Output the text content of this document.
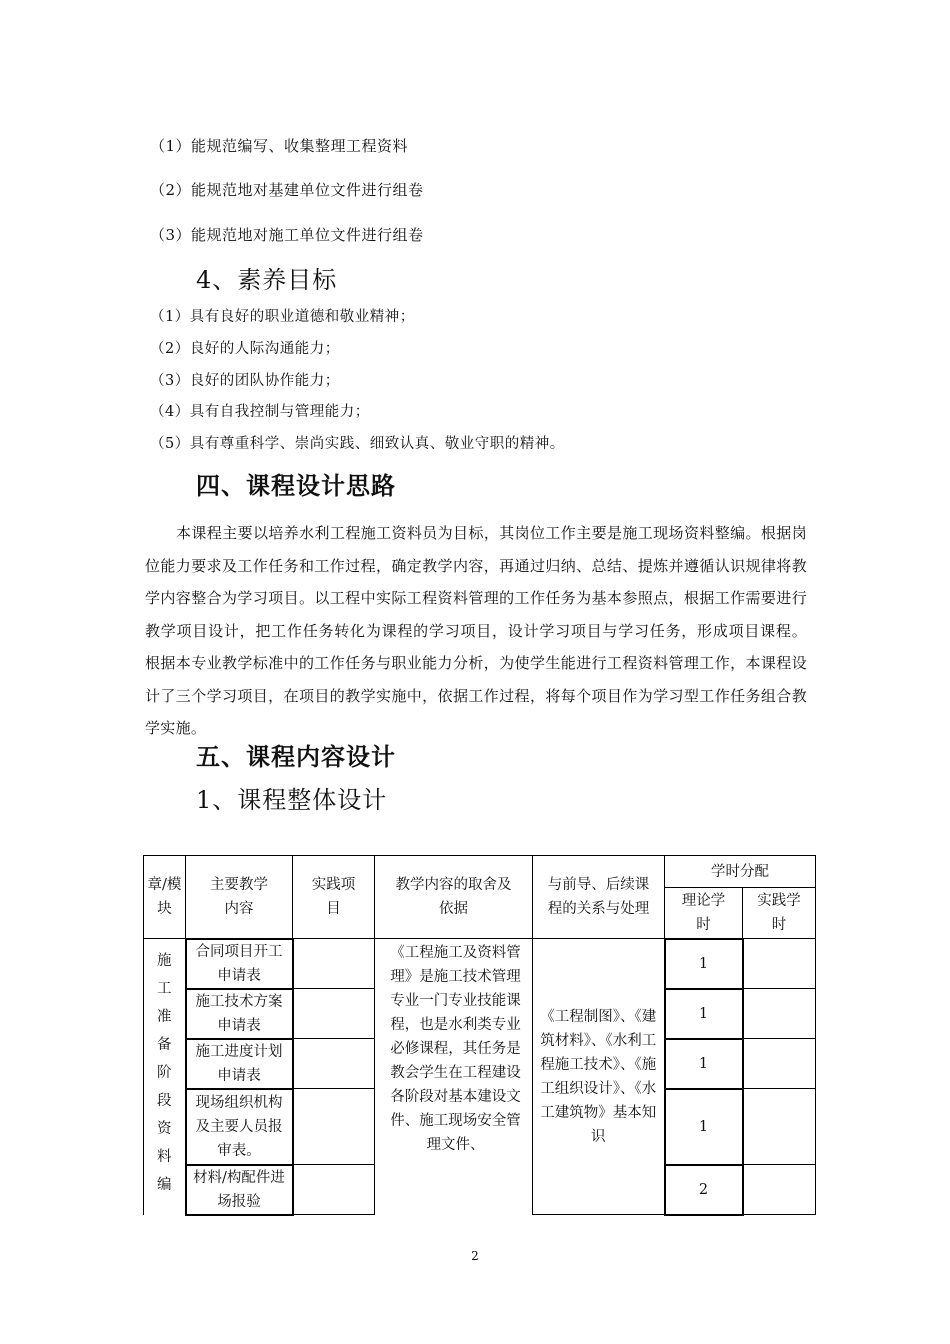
（1）能规范编写、收集整理工程资料

（2）能规范地对基建单位文件进行组卷

（3）能规范地对施工单位文件进行组卷

4、素养目标

（1）具有良好的职业道德和敬业精神；

（2）良好的人际沟通能力；

（3）良好的团队协作能力；

（4）具有自我控制与管理能力；

（5）具有尊重科学、崇尚实践、细致认真、敬业守职的精神。

四、课程设计思路

本课程主要以培养水利工程施工资料员为目标，其岗位工作主要是施工现场资料整编。根据岗位能力要求及工作任务和工作过程，确定教学内容，再通过归纳、总结、提炼并遵循认识规律将教学内容整合为学习项目。以工程中实际工程资料管理的工作任务为基本参照点，根据工作需要进行教学项目设计，把工作任务转化为课程的学习项目，设计学习项目与学习任务，形成项目课程。 根据本专业教学标准中的工作任务与职业能力分析，为使学生能进行工程资料管理工作，本课程设计了三个学习项目，在项目的教学实施中，依据工作过程，将每个项目作为学习型工作任务组合教学实施。

五、课程内容设计
1、课程整体设计
章/模块	主要教学内容	实践项目	教学内容的取舍及依据	与前导、后续课程的关系与处理	学时分配	
					理论学时	实践学时
施工准备阶段资料编	合同项目开工申请表		《工程施工及资料管理》是施工技术管理专业一门专业技能课程，也是水利类专业必修课程，其任务是教会学生在工程建设各阶段对基本建设文件、施工现场安全管理文件、	《工程制图》、《建筑材料》、《水利工程施工技术》、《施工组织设计》、《水工建筑物》基本知识	1	
	施工技术方案申请表				1	
	施工进度计划申请表				1	
	现场组织机构及主要人员报审表。				1	
	材料/构配件进场报验				2	
2
